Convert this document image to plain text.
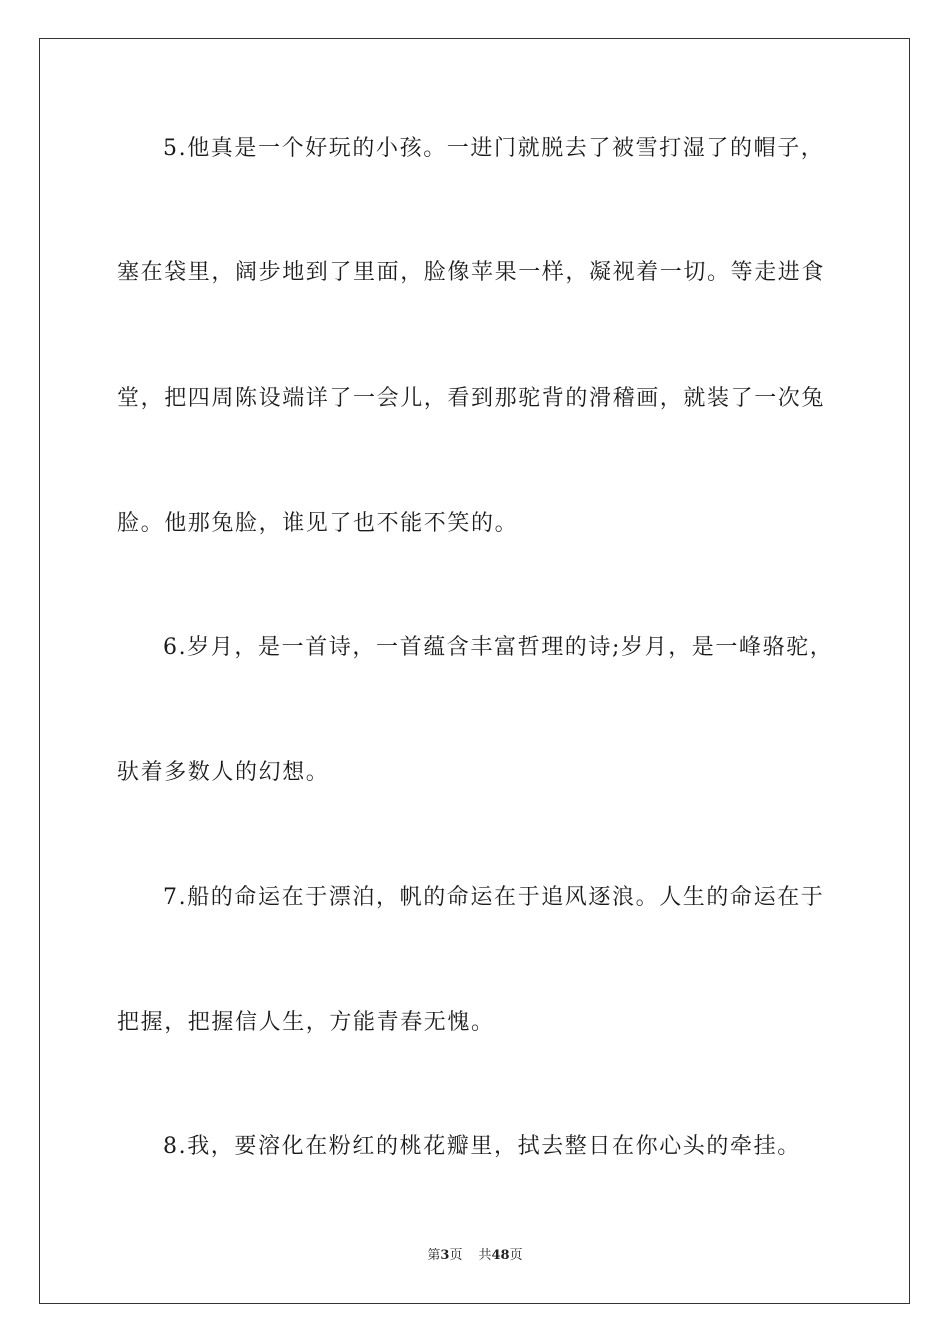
5.他真是一个好玩的小孩。一进门就脱去了被雪打湿了的帽子，
塞在袋里，阔步地到了里面，脸像苹果一样，凝视着一切。等走进食
堂，把四周陈设端详了一会儿，看到那驼背的滑稽画，就装了一次兔
脸。他那兔脸，谁见了也不能不笑的。
6.岁月，是一首诗，一首蕴含丰富哲理的诗;岁月，是一峰骆驼，
驮着多数人的幻想。
7.船的命运在于漂泊，帆的命运在于追风逐浪。人生的命运在于
把握，把握信人生，方能青春无愧。
8.我，要溶化在粉红的桃花瓣里，拭去整日在你心头的牵挂。
第3页 共48页
